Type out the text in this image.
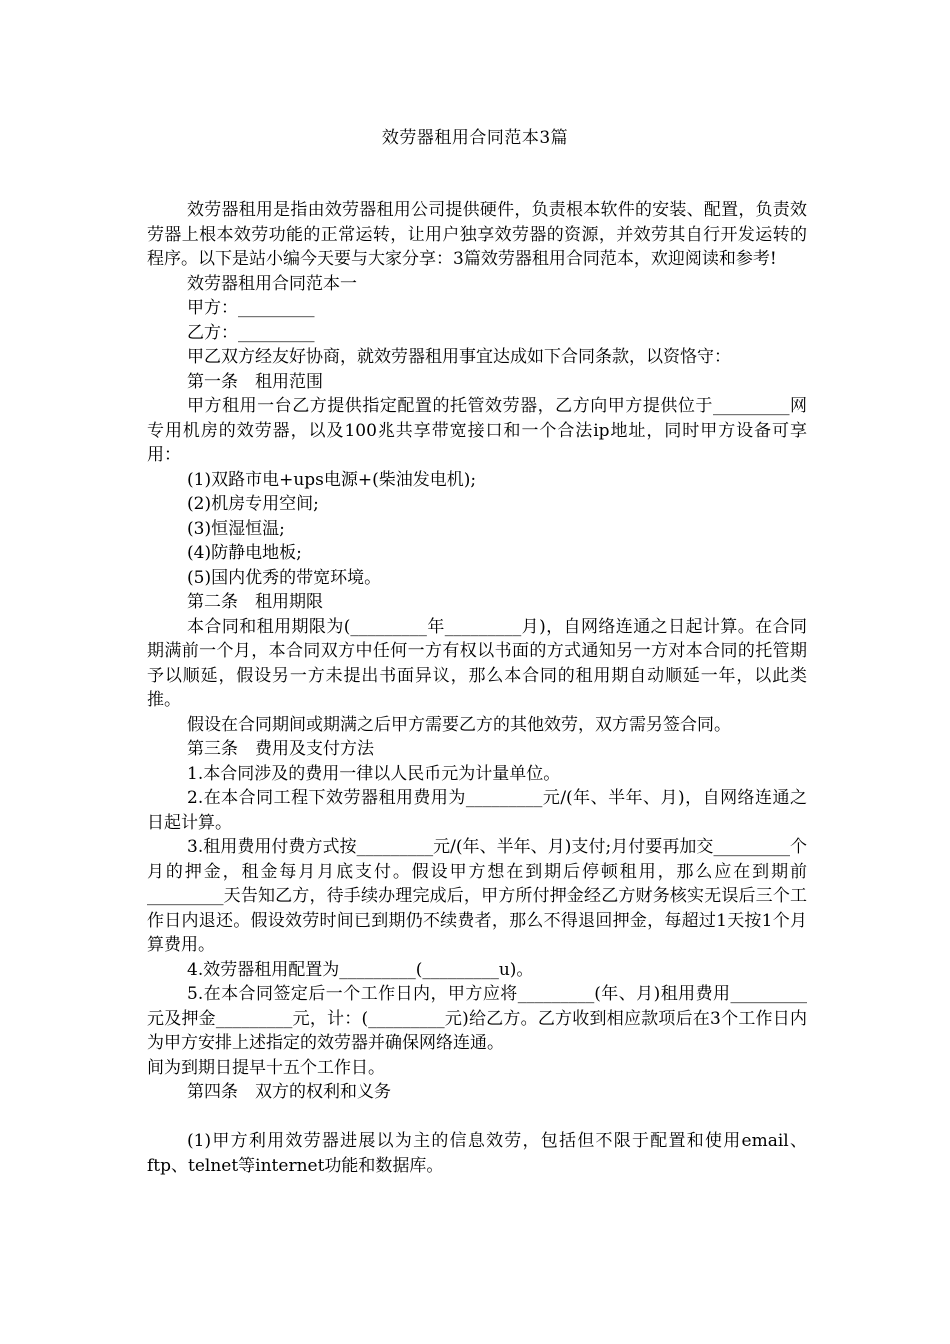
效劳器租用合同范本3篇

效劳器租用是指由效劳器租用公司提供硬件，负责根本软件的安装、配置，负责效劳器上根本效劳功能的正常运转，让用户独享效劳器的资源，并效劳其自行开发运转的程序。以下是站小编今天要与大家分享：3篇效劳器租用合同范本，欢迎阅读和参考!

效劳器租用合同范本一

甲方：_________

乙方：_________

甲乙双方经友好协商，就效劳器租用事宜达成如下合同条款，以资恪守：

第一条　租用范围

甲方租用一台乙方提供指定配置的托管效劳器，乙方向甲方提供位于_________网专用机房的效劳器，以及100兆共享带宽接口和一个合法ip地址，同时甲方设备可享用：

(1)双路市电+ups电源+(柴油发电机);

(2)机房专用空间;

(3)恒湿恒温;

(4)防静电地板;

(5)国内优秀的带宽环境。

第二条　租用期限

本合同和租用期限为(_________年_________月)，自网络连通之日起计算。在合同期满前一个月，本合同双方中任何一方有权以书面的方式通知另一方对本合同的托管期予以顺延，假设另一方未提出书面异议，那么本合同的租用期自动顺延一年，以此类推。

假设在合同期间或期满之后甲方需要乙方的其他效劳，双方需另签合同。

第三条　费用及支付方法

1.本合同涉及的费用一律以人民币元为计量单位。

2.在本合同工程下效劳器租用费用为_________元/(年、半年、月)，自网络连通之日起计算。

3.租用费用付费方式按_________元/(年、半年、月)支付;月付要再加交_________个月的押金，租金每月月底支付。假设甲方想在到期后停顿租用，那么应在到期前_________天告知乙方，待手续办理完成后，甲方所付押金经乙方财务核实无误后三个工作日内退还。假设效劳时间已到期仍不续费者，那么不得退回押金，每超过1天按1个月算费用。

4.效劳器租用配置为_________(_________u)。

5.在本合同签定后一个工作日内，甲方应将_________(年、月)租用费用_________元及押金_________元，计：(_________元)给乙方。乙方收到相应款项后在3个工作日内为甲方安排上述指定的效劳器并确保网络连通。

间为到期日提早十五个工作日。

第四条　双方的权利和义务

(1)甲方利用效劳器进展以为主的信息效劳，包括但不限于配置和使用email、ftp、telnet等internet功能和数据库。
